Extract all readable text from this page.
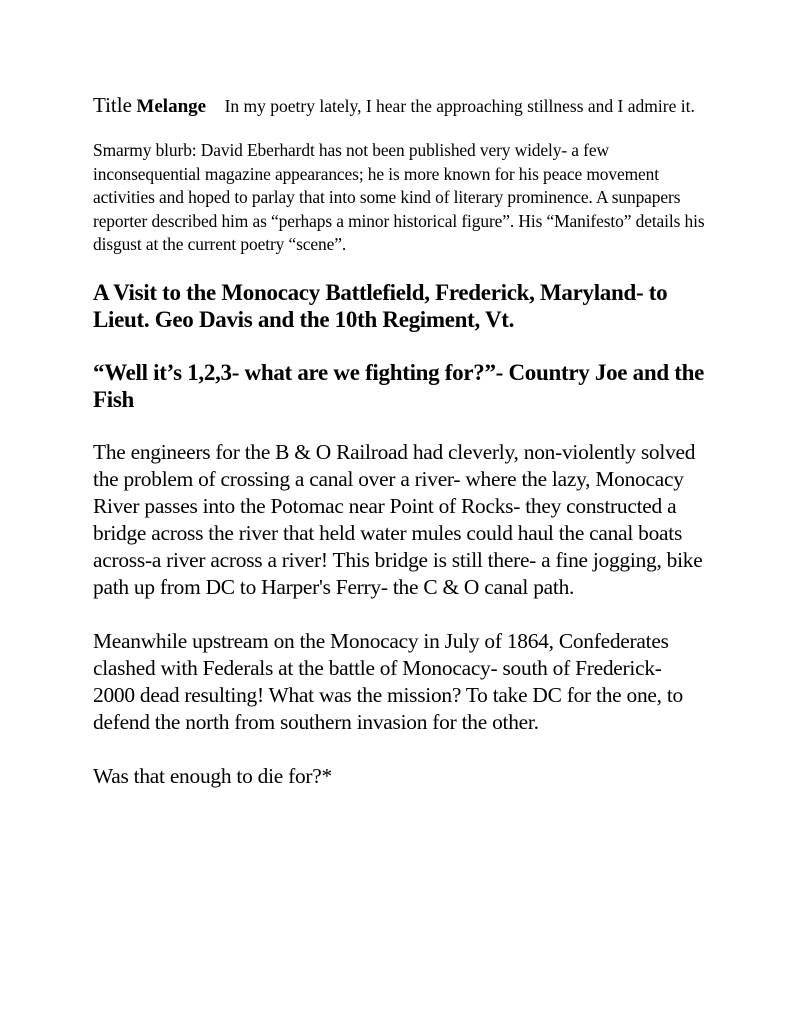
Title Melange In my poetry lately, I hear the approaching stillness and I admire it.

Smarmy blurb: David Eberhardt has not been published very widely- a few inconsequential magazine appearances; he is more known for his peace movement activities and hoped to parlay that into some kind of literary prominence. A sunpapers reporter described him as “perhaps a minor historical figure”. His “Manifesto” details his disgust at the current poetry “scene”.

A Visit to the Monocacy Battlefield, Frederick, Maryland- to Lieut. Geo Davis and the 10th Regiment, Vt.

“Well it’s 1,2,3- what are we fighting for?”- Country Joe and the Fish

The engineers for the B & O Railroad had cleverly, non-violently solved the problem of crossing a canal over a river- where the lazy, Monocacy River passes into the Potomac near Point of Rocks- they constructed a bridge across the river that held water mules could haul the canal boats across-a river across a river! This bridge is still there- a fine jogging, bike path up from DC to Harper's Ferry- the C & O canal path.

Meanwhile upstream on the Monocacy in July of 1864, Confederates clashed with Federals at the battle of Monocacy- south of Frederick- 2000 dead resulting! What was the mission? To take DC for the one, to defend the north from southern invasion for the other.

Was that enough to die for?*
